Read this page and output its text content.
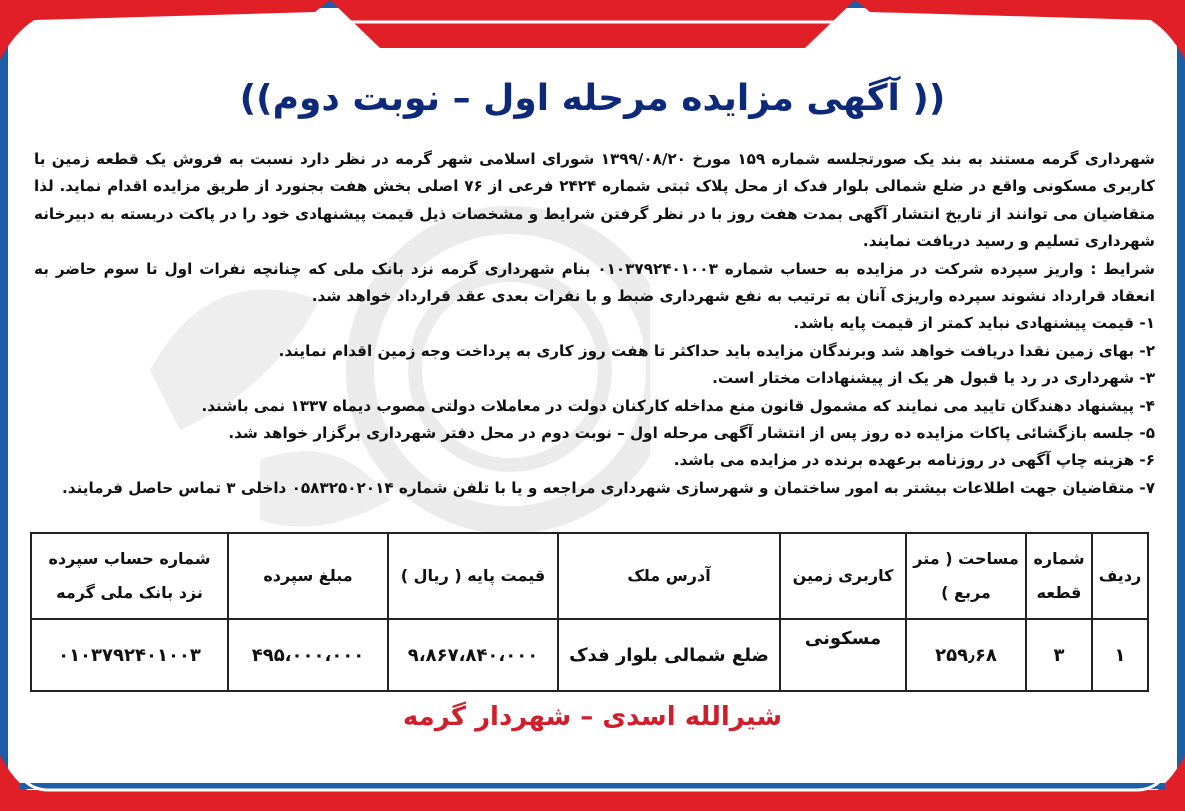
(( آگهی مزایده مرحله اول – نوبت دوم))

شهرداری گرمه مستند به بند یک صورتجلسه شماره ۱۵۹ مورخ ۱۳۹۹/۰۸/۲۰ شورای اسلامی شهر گرمه در نظر دارد نسبت به فروش یک قطعه زمین با کاربری مسکونی واقع در ضلع شمالی بلوار فدک از محل پلاک ثبتی شماره ۲۴۲۴ فرعی از ۷۶ اصلی بخش هفت بجنورد از طریق مزایده اقدام نماید. لذا متقاضیان می توانند از تاریخ انتشار آگهی بمدت هفت روز با در نظر گرفتن شرایط و مشخصات ذیل قیمت پیشنهادی خود را در پاکت دربسته به دبیرخانه شهرداری تسلیم و رسید دریافت نمایند.

شرایط : واریز سپرده شرکت در مزایده به حساب شماره ۰۱۰۳۷۹۲۴۰۱۰۰۳ بنام شهرداری گرمه نزد بانک ملی که چنانچه نفرات اول تا سوم حاضر به انعقاد قرارداد نشوند سپرده واریزی آنان به ترتیب به نفع شهرداری ضبط و با نفرات بعدی عقد قرارداد خواهد شد.

۱- قیمت پیشنهادی نباید کمتر از قیمت پایه باشد.

۲- بهای زمین نقدا دریافت خواهد شد وبرندگان مزایده باید حداکثر تا هفت روز کاری به پرداخت وجه زمین اقدام نمایند.

۳- شهرداری در رد یا قبول هر یک از پیشنهادات مختار است.

۴- پیشنهاد دهندگان تایید می نمایند که مشمول قانون منع مداخله کارکنان دولت در معاملات دولتی مصوب دیماه ۱۳۳۷ نمی باشند.

۵- جلسه بازگشائی پاکات مزایده ده روز پس از انتشار آگهی مرحله اول – نوبت دوم در محل دفتر شهرداری برگزار خواهد شد.

۶- هزینه چاپ آگهی در روزنامه برعهده برنده در مزایده می باشد.

۷- متقاضیان جهت اطلاعات بیشتر به امور ساختمان و شهرسازی شهرداری مراجعه و یا با تلفن شماره ۰۵۸۳۲۵۰۲۰۱۴ داخلی ۳ تماس حاصل فرمایند.

ردیف	شماره قطعه	مساحت ( متر مربع )	کاربری زمین	آدرس ملک	قیمت پایه ( ریال )	مبلغ سپرده	شماره حساب سپرده نزد بانک ملی گرمه
۱	۳	۲۵۹٫۶۸	مسکونی	ضلع شمالی بلوار فدک	۹،۸۶۷،۸۴۰،۰۰۰	۴۹۵،۰۰۰،۰۰۰	۰۱۰۳۷۹۲۴۰۱۰۰۳
شیرالله اسدی – شهردار گرمه
